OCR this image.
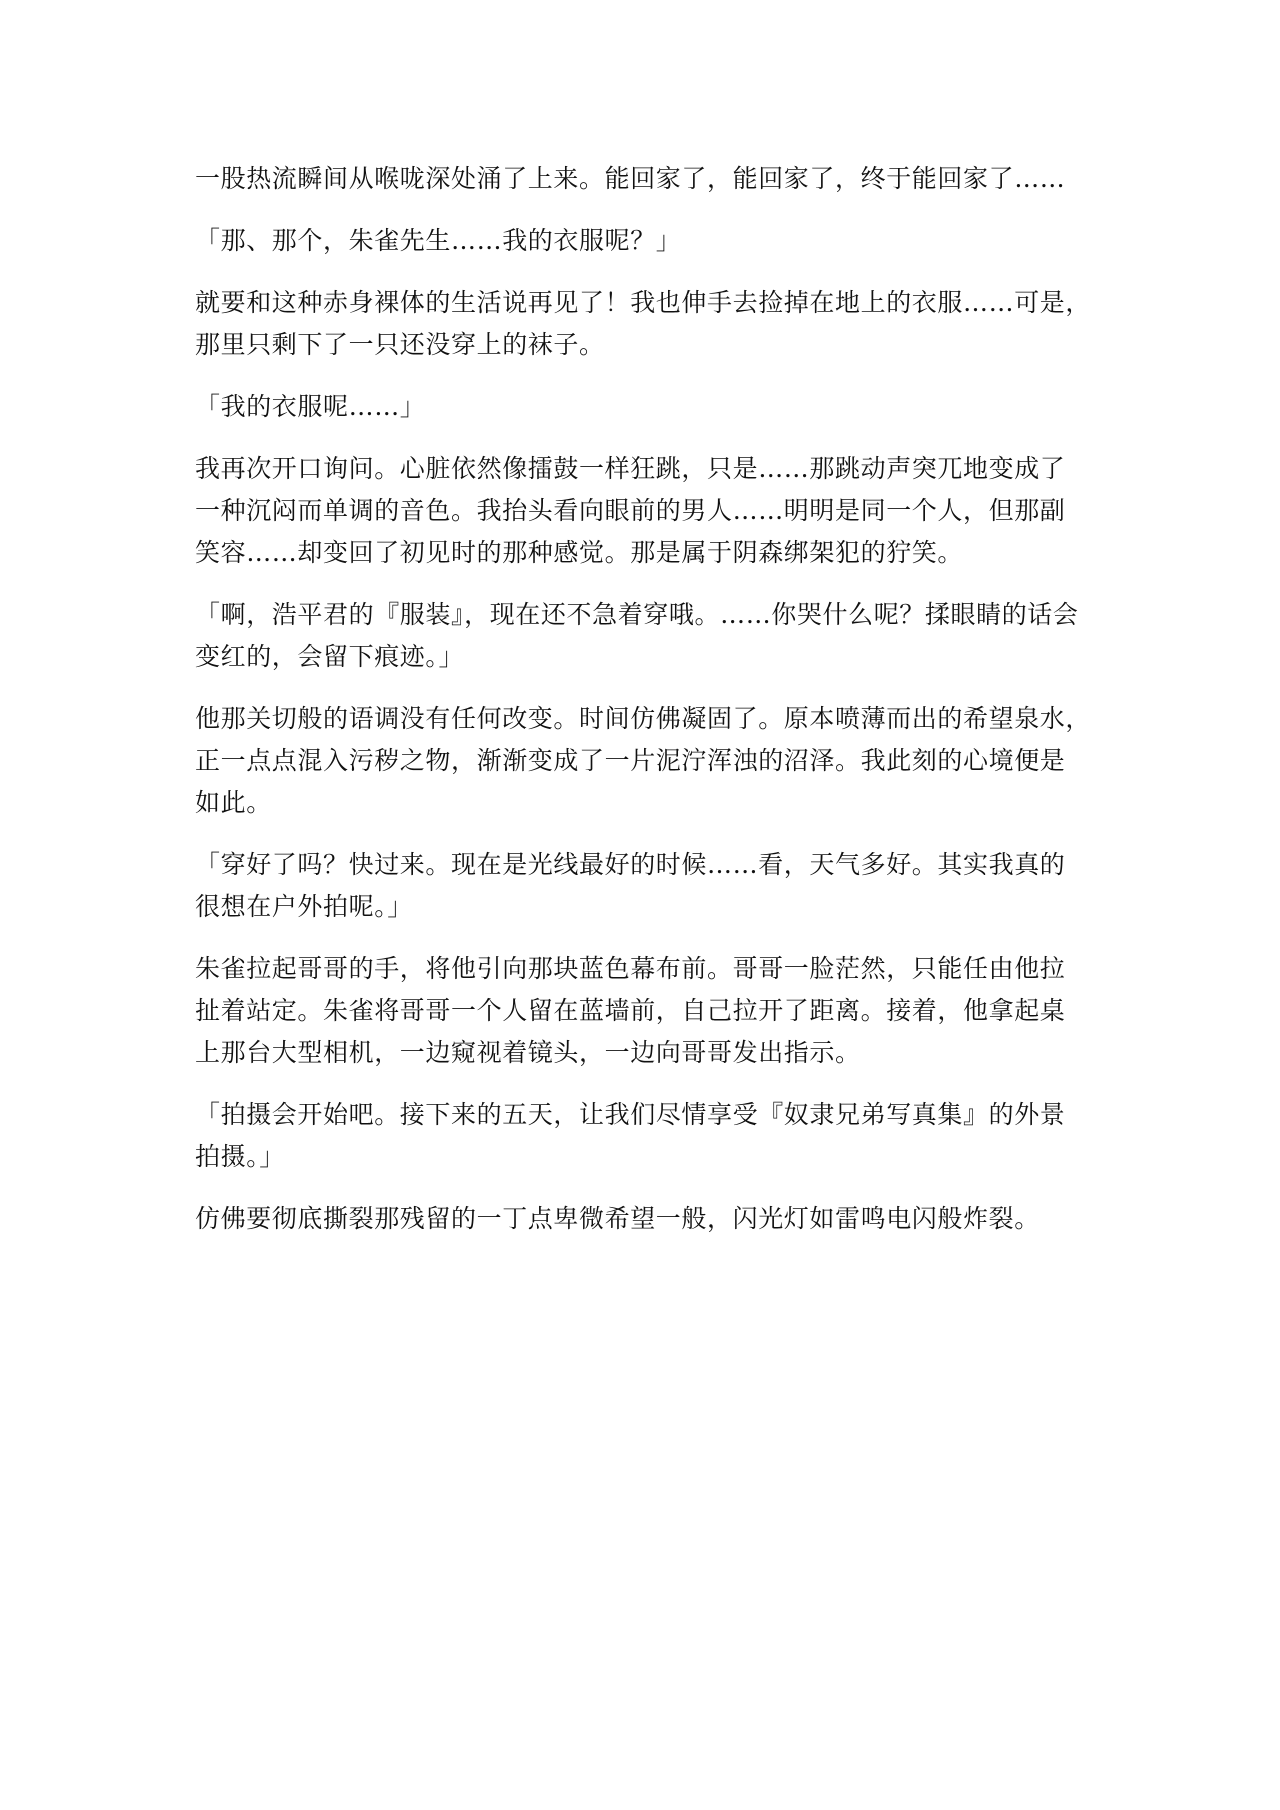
一股热流瞬间从喉咙深处涌了上来。能回家了，能回家了，终于能回家了……

「那、那个，朱雀先生……我的衣服呢？」

就要和这种赤身裸体的生活说再见了！我也伸手去捡掉在地上的衣服……可是，
那里只剩下了一只还没穿上的袜子。

「我的衣服呢……」

我再次开口询问。心脏依然像擂鼓一样狂跳，只是……那跳动声突兀地变成了
一种沉闷而单调的音色。我抬头看向眼前的男人……明明是同一个人，但那副
笑容……却变回了初见时的那种感觉。那是属于阴森绑架犯的狞笑。

「啊，浩平君的『服装』，现在还不急着穿哦。……你哭什么呢？揉眼睛的话会
变红的，会留下痕迹。」

他那关切般的语调没有任何改变。时间仿佛凝固了。原本喷薄而出的希望泉水，
正一点点混入污秽之物，渐渐变成了一片泥泞浑浊的沼泽。我此刻的心境便是
如此。

「穿好了吗？快过来。现在是光线最好的时候……看，天气多好。其实我真的
很想在户外拍呢。」

朱雀拉起哥哥的手，将他引向那块蓝色幕布前。哥哥一脸茫然，只能任由他拉
扯着站定。朱雀将哥哥一个人留在蓝墙前，自己拉开了距离。接着，他拿起桌
上那台大型相机，一边窥视着镜头，一边向哥哥发出指示。

「拍摄会开始吧。接下来的五天，让我们尽情享受『奴隶兄弟写真集』的外景
拍摄。」

仿佛要彻底撕裂那残留的一丁点卑微希望一般，闪光灯如雷鸣电闪般炸裂。
